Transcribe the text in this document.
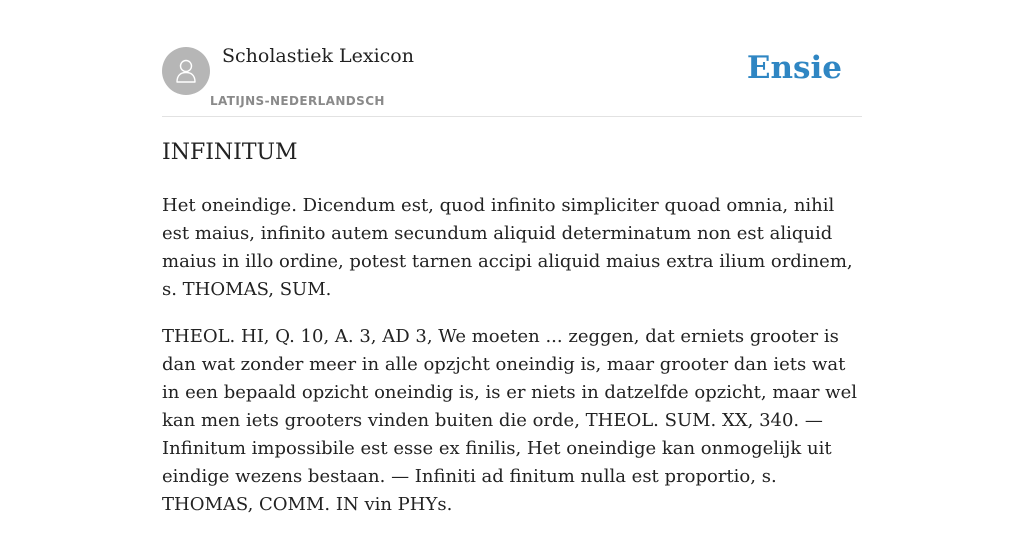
Scholastiek Lexicon
LATIJNS-NEDERLANDSCH
Ensie
INFINITUM

Het oneindige. Dicendum est, quod infinito simpliciter quoad omnia, nihil est maius, infinito autem secundum aliquid determinatum non est aliquid maius in illo ordine, potest tarnen accipi aliquid maius extra ilium ordinem, s. THOMAS, SUM.

THEOL. HI, Q. 10, A. 3, AD 3, We moeten ... zeggen, dat erniets grooter is dan wat zonder meer in alle opzjcht oneindig is, maar grooter dan iets wat in een bepaald opzicht oneindig is, is er niets in datzelfde opzicht, maar wel kan men iets grooters vinden buiten die orde, THEOL. SUM. XX, 340. — Infinitum impossibile est esse ex finilis, Het oneindige kan onmogelijk uit eindige wezens bestaan. — Infiniti ad finitum nulla est proportio, s. THOMAS, COMM. IN vin PHYs.
